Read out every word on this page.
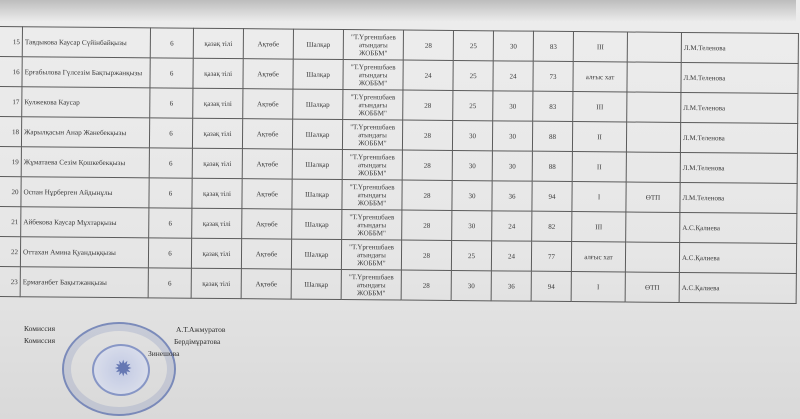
15	Тавдыкова Каусар Сүйінбайқызы	6	қазақ тілі	Ақтөбе	Шалқар	"Т.Үргеншбаев атындағы ЖОББМ"	28	25	30	83	III		Л.М.Теленова
16	Ерғабылова Гүлсезім Бақтыржанқызы	6	қазақ тілі	Ақтөбе	Шалқар	"Т.Үргеншбаев атындағы ЖОББМ"	24	25	24	73	алғыс хат		Л.М.Теленова
17	Кулжекова Каусар	6	қазақ тілі	Ақтөбе	Шалқар	"Т.Үргеншбаев атындағы ЖОББМ"	28	25	30	83	III		Л.М.Теленова
18	Жарылқасын Анар Жанебекқызы	6	қазақ тілі	Ақтөбе	Шалқар	"Т.Үргеншбаев атындағы ЖОББМ"	28	30	30	88	II		Л.М.Теленова
19	Жұматаева Сезім Қошкебекқызы	6	қазақ тілі	Ақтөбе	Шалқар	"Т.Үргеншбаев атындағы ЖОББМ"	28	30	30	88	II		Л.М.Теленова
20	Оспан Нұрберген Айдынұлы	6	қазақ тілі	Ақтөбе	Шалқар	"Т.Үргеншбаев атындағы ЖОББМ"	28	30	36	94	I	ӨТП	Л.М.Теленова
21	Айбекова Каусар Мұхтарқызы	6	қазақ тілі	Ақтөбе	Шалқар	"Т.Үргеншбаев атындағы ЖОББМ"	28	30	24	82	III		А.С.Қалиева
22	Оттахан Амина Қуандыққызы	6	қазақ тілі	Ақтөбе	Шалқар	"Т.Үргеншбаев атындағы ЖОББМ"	28	25	24	77	алғыс хат		А.С.Қалиева
23	Ермағанбет Бақытжанқызы	6	қазақ тілі	Ақтөбе	Шалқар	"Т.Үргеншбаев атындағы ЖОББМ"	28	30	36	94	I	ӨТП	А.С.Қалиева
✹
Комиссия	А.Т.Ажмуратов
Комиссия	Бердімұратова
Зинешова
